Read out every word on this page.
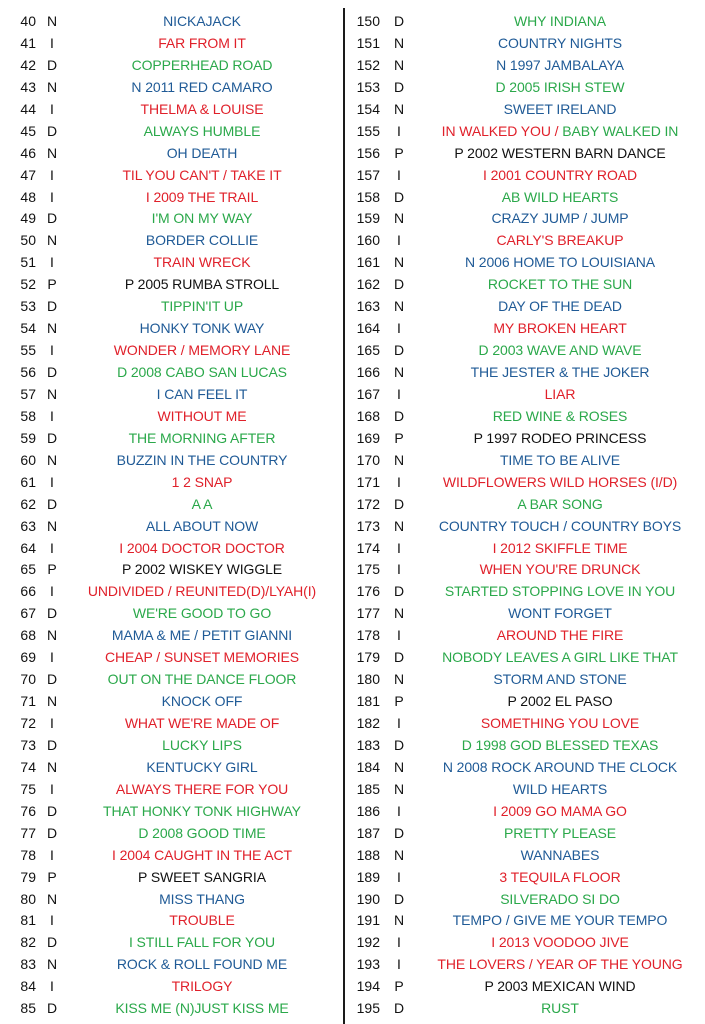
40 N	NICKAJACK
41	I	FAR FROM IT
42 D	COPPERHEAD ROAD
43 N	N 2011 RED CAMARO
44	I	THELMA & LOUISE
45 D	ALWAYS HUMBLE
46 N	OH DEATH
47	I	TIL YOU CAN'T / TAKE IT
48	I	I 2009 THE TRAIL
49 D	I'M ON MY WAY
50 N	BORDER COLLIE
51	I	TRAIN WRECK
52 P	P 2005 RUMBA STROLL
53 D	TIPPIN'IT UP
54 N	HONKY TONK WAY
55	I	WONDER / MEMORY LANE
56 D	D 2008 CABO SAN LUCAS
57 N	I CAN FEEL IT
58	I	WITHOUT ME
59 D	THE MORNING AFTER
60 N	BUZZIN IN THE COUNTRY
61	I	1 2 SNAP
62 D	A A
63 N	ALL ABOUT NOW
64	I	I 2004 DOCTOR DOCTOR
65 P	P 2002 WISKEY WIGGLE
66	I	UNDIVIDED / REUNITED(D)/LYAH(I)
67 D	WE'RE GOOD TO GO
68 N	MAMA & ME / PETIT GIANNI
69	I	CHEAP / SUNSET MEMORIES
70 D	OUT ON THE DANCE FLOOR
71 N	KNOCK OFF
72	I	WHAT WE'RE MADE OF
73 D	LUCKY LIPS
74 N	KENTUCKY GIRL
75	I	ALWAYS THERE FOR YOU
76 D	THAT HONKY TONK HIGHWAY
77 D	D 2008 GOOD TIME
78	I	I 2004 CAUGHT IN THE ACT
79 P	P SWEET SANGRIA
80 N	MISS THANG
81	I	TROUBLE
82 D	I STILL FALL FOR YOU
83 N	ROCK & ROLL FOUND ME
84	I	TRILOGY
85 D	KISS ME (N)JUST KISS ME
150 D	WHY INDIANA
151 N	COUNTRY NIGHTS
152 N	N 1997 JAMBALAYA
153 D	D 2005 IRISH STEW
154 N	SWEET IRELAND
155	I	IN WALKED YOU / BABY WALKED IN
156	P	P 2002 WESTERN BARN DANCE
157	I	I 2001 COUNTRY ROAD
158 D	AB WILD HEARTS
159 N	CRAZY JUMP / JUMP
160	I	CARLY'S BREAKUP
161 N	N 2006 HOME TO LOUISIANA
162 D	ROCKET TO THE SUN
163 N	DAY OF THE DEAD
164	I	MY BROKEN HEART
165 D	D 2003 WAVE AND WAVE
166 N	THE JESTER & THE JOKER
167	I	LIAR
168 D	RED WINE & ROSES
169	P	P 1997 RODEO PRINCESS
170 N	TIME TO BE ALIVE
171	I	WILDFLOWERS WILD HORSES (I/D)
172 D	A BAR SONG
173 N	COUNTRY TOUCH / COUNTRY BOYS
174	I	I 2012 SKIFFLE TIME
175	I	WHEN YOU'RE DRUNCK
176 D	STARTED STOPPING LOVE IN YOU
177 N	WONT FORGET
178	I	AROUND THE FIRE
179 D	NOBODY LEAVES A GIRL LIKE THAT
180 N	STORM AND STONE
181	P	P 2002 EL PASO
182	I	SOMETHING YOU LOVE
183 D	D 1998 GOD BLESSED TEXAS
184 N	N 2008 ROCK AROUND THE CLOCK
185 N	WILD HEARTS
186	I	I 2009 GO MAMA GO
187 D	PRETTY PLEASE
188 N	WANNABES
189	I	3 TEQUILA FLOOR
190 D	SILVERADO SI DO
191 N	TEMPO / GIVE ME YOUR TEMPO
192	I	I 2013 VOODOO JIVE
193	I	THE LOVERS / YEAR OF THE YOUNG
194	P	P 2003 MEXICAN WIND
195 D	RUST
